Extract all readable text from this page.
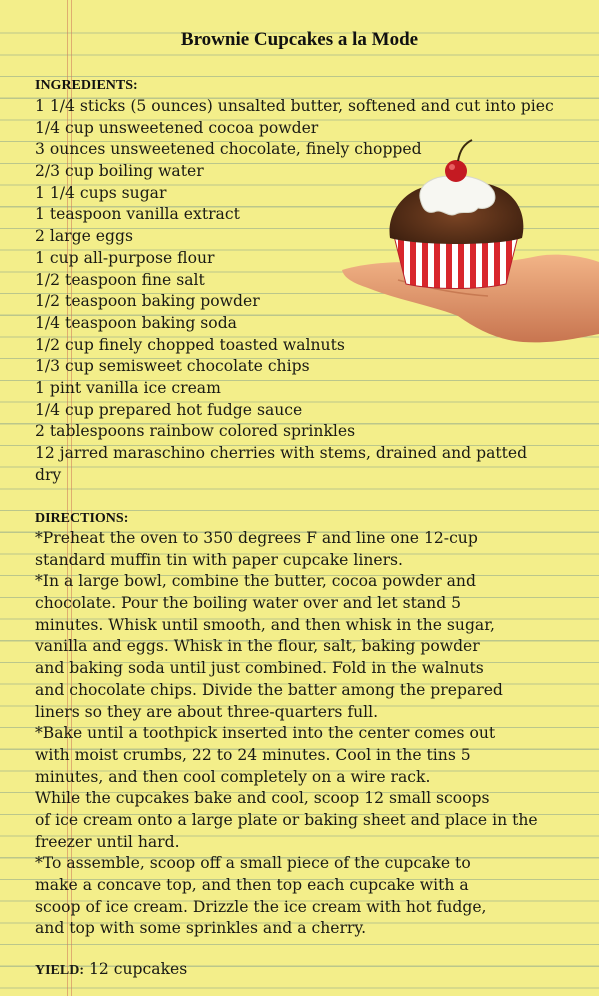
Brownie Cupcakes a la Mode
INGREDIENTS:
1 1/4 sticks (5 ounces) unsalted butter, softened and cut into piec
1/4 cup unsweetened cocoa powder
3 ounces unsweetened chocolate, finely chopped
2/3 cup boiling water
1 1/4 cups sugar
1 teaspoon vanilla extract
2 large eggs
1 cup all-purpose flour
1/2 teaspoon fine salt
1/2 teaspoon baking powder
1/4 teaspoon baking soda
1/2 cup finely chopped toasted walnuts
1/3 cup semisweet chocolate chips
1 pint vanilla ice cream
1/4 cup prepared hot fudge sauce
2 tablespoons rainbow colored sprinkles
12 jarred maraschino cherries with stems, drained and patted
dry
DIRECTIONS:
*Preheat the oven to 350 degrees F and line one 12-cup
standard muffin tin with paper cupcake liners.
*In a large bowl, combine the butter, cocoa powder and
chocolate. Pour the boiling water over and let stand 5
minutes. Whisk until smooth, and then whisk in the sugar,
vanilla and eggs. Whisk in the flour, salt, baking powder
and baking soda until just combined. Fold in the walnuts
and chocolate chips. Divide the batter among the prepared
liners so they are about three-quarters full.
*Bake until a toothpick inserted into the center comes out
with moist crumbs, 22 to 24 minutes. Cool in the tins 5
minutes, and then cool completely on a wire rack.
While the cupcakes bake and cool, scoop 12 small scoops
of ice cream onto a large plate or baking sheet and place in the
freezer until hard.
*To assemble, scoop off a small piece of the cupcake to
make a concave top, and then top each cupcake with a
scoop of ice cream. Drizzle the ice cream with hot fudge,
and top with some sprinkles and a cherry.
YIELD: 12 cupcakes
